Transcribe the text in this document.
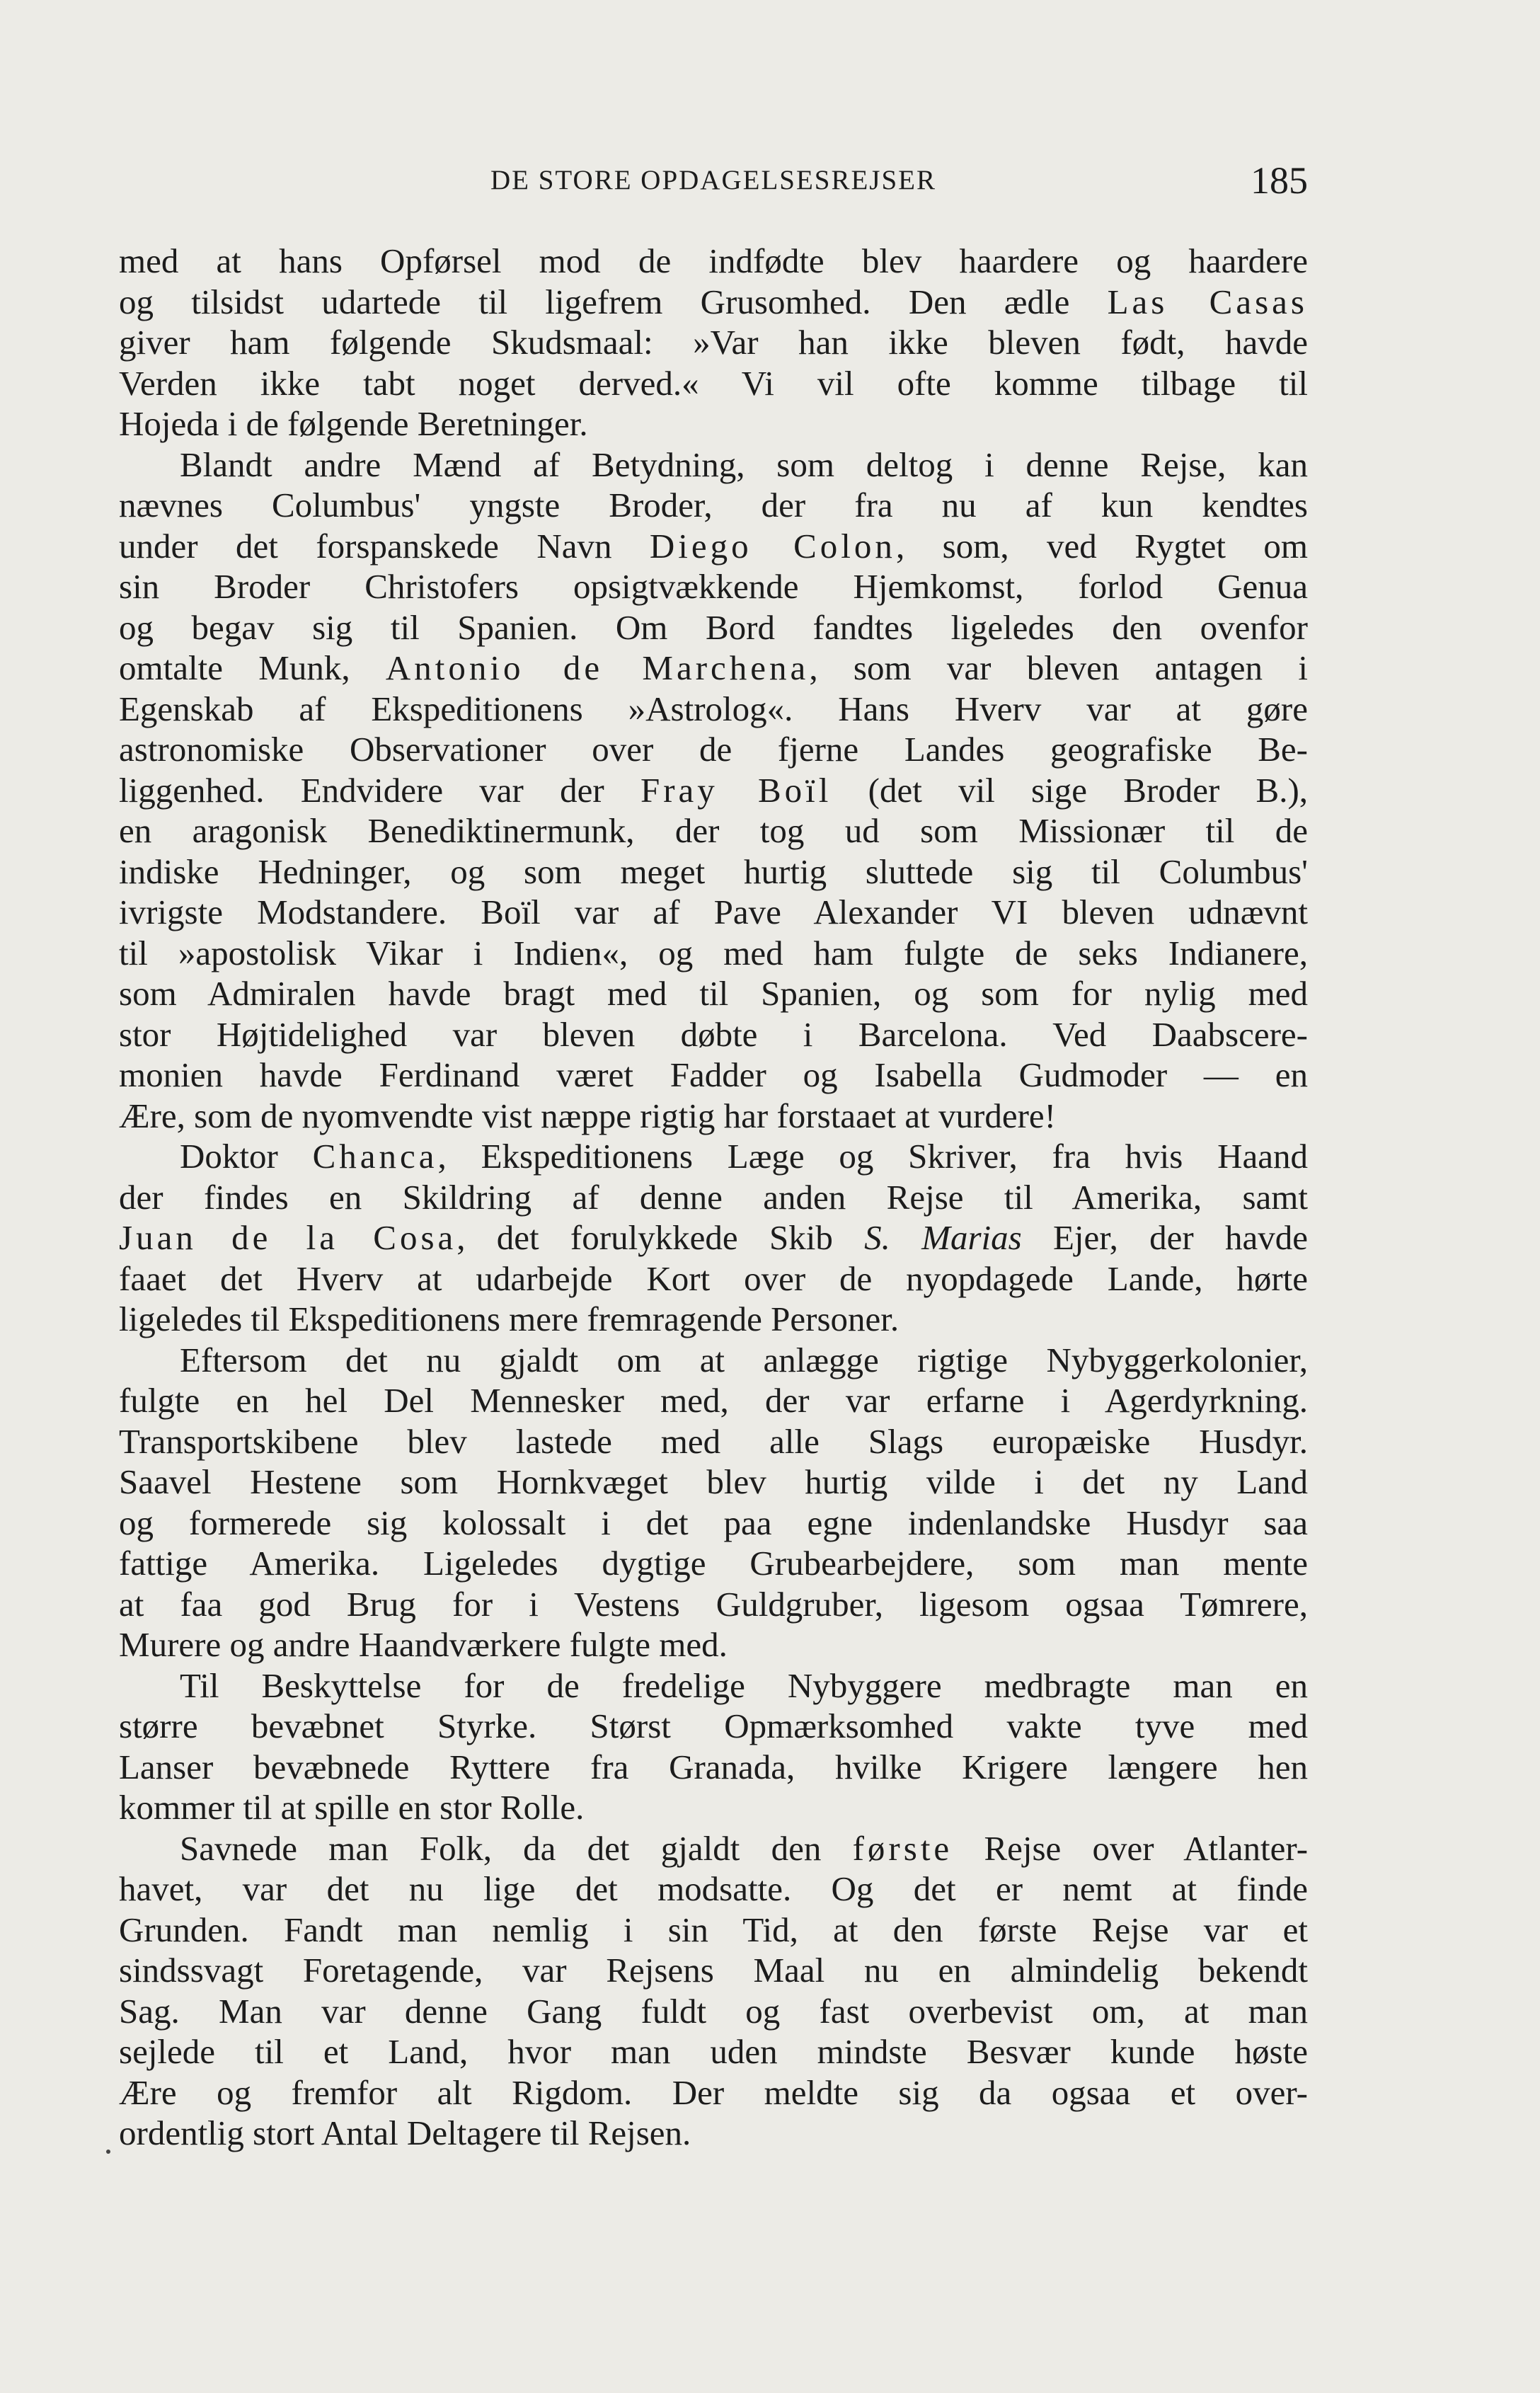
DE STORE OPDAGELSESREJSER	185
med at hans Opførsel mod de indfødte blev haardere og haardere
og tilsidst udartede til ligefrem Grusomhed. Den ædle Las Casas
giver ham følgende Skudsmaal: »Var han ikke bleven født, havde
Verden ikke tabt noget derved.« Vi vil ofte komme tilbage til
Hojeda i de følgende Beretninger.
Blandt andre Mænd af Betydning, som deltog i denne Rejse, kan
nævnes Columbus' yngste Broder, der fra nu af kun kendtes
under det forspanskede Navn Diego Colon, som, ved Rygtet om
sin Broder Christofers opsigtvækkende Hjemkomst, forlod Genua
og begav sig til Spanien. Om Bord fandtes ligeledes den ovenfor
omtalte Munk, Antonio de Marchena, som var bleven antagen i
Egenskab af Ekspeditionens »Astrolog«. Hans Hverv var at gøre
astronomiske Observationer over de fjerne Landes geografiske Be-
liggenhed. Endvidere var der Fray Boïl (det vil sige Broder B.),
en aragonisk Benediktinermunk, der tog ud som Missionær til de
indiske Hedninger, og som meget hurtig sluttede sig til Columbus'
ivrigste Modstandere. Boïl var af Pave Alexander VI bleven udnævnt
til »apostolisk Vikar i Indien«, og med ham fulgte de seks Indianere,
som Admiralen havde bragt med til Spanien, og som for nylig med
stor Højtidelighed var bleven døbte i Barcelona. Ved Daabscere-
monien havde Ferdinand været Fadder og Isabella Gudmoder — en
Ære, som de nyomvendte vist næppe rigtig har forstaaet at vurdere!
Doktor Chanca, Ekspeditionens Læge og Skriver, fra hvis Haand
der findes en Skildring af denne anden Rejse til Amerika, samt
Juan de la Cosa, det forulykkede Skib S. Marias Ejer, der havde
faaet det Hverv at udarbejde Kort over de nyopdagede Lande, hørte
ligeledes til Ekspeditionens mere fremragende Personer.
Eftersom det nu gjaldt om at anlægge rigtige Nybyggerkolonier,
fulgte en hel Del Mennesker med, der var erfarne i Agerdyrkning.
Transportskibene blev lastede med alle Slags europæiske Husdyr.
Saavel Hestene som Hornkvæget blev hurtig vilde i det ny Land
og formerede sig kolossalt i det paa egne indenlandske Husdyr saa
fattige Amerika. Ligeledes dygtige Grubearbejdere, som man mente
at faa god Brug for i Vestens Guldgruber, ligesom ogsaa Tømrere,
Murere og andre Haandværkere fulgte med.
Til Beskyttelse for de fredelige Nybyggere medbragte man en
større bevæbnet Styrke. Størst Opmærksomhed vakte tyve med
Lanser bevæbnede Ryttere fra Granada, hvilke Krigere længere hen
kommer til at spille en stor Rolle.
Savnede man Folk, da det gjaldt den første Rejse over Atlanter-
havet, var det nu lige det modsatte. Og det er nemt at finde
Grunden. Fandt man nemlig i sin Tid, at den første Rejse var et
sindssvagt Foretagende, var Rejsens Maal nu en almindelig bekendt
Sag. Man var denne Gang fuldt og fast overbevist om, at man
sejlede til et Land, hvor man uden mindste Besvær kunde høste
Ære og fremfor alt Rigdom. Der meldte sig da ogsaa et over-
ordentlig stort Antal Deltagere til Rejsen.
